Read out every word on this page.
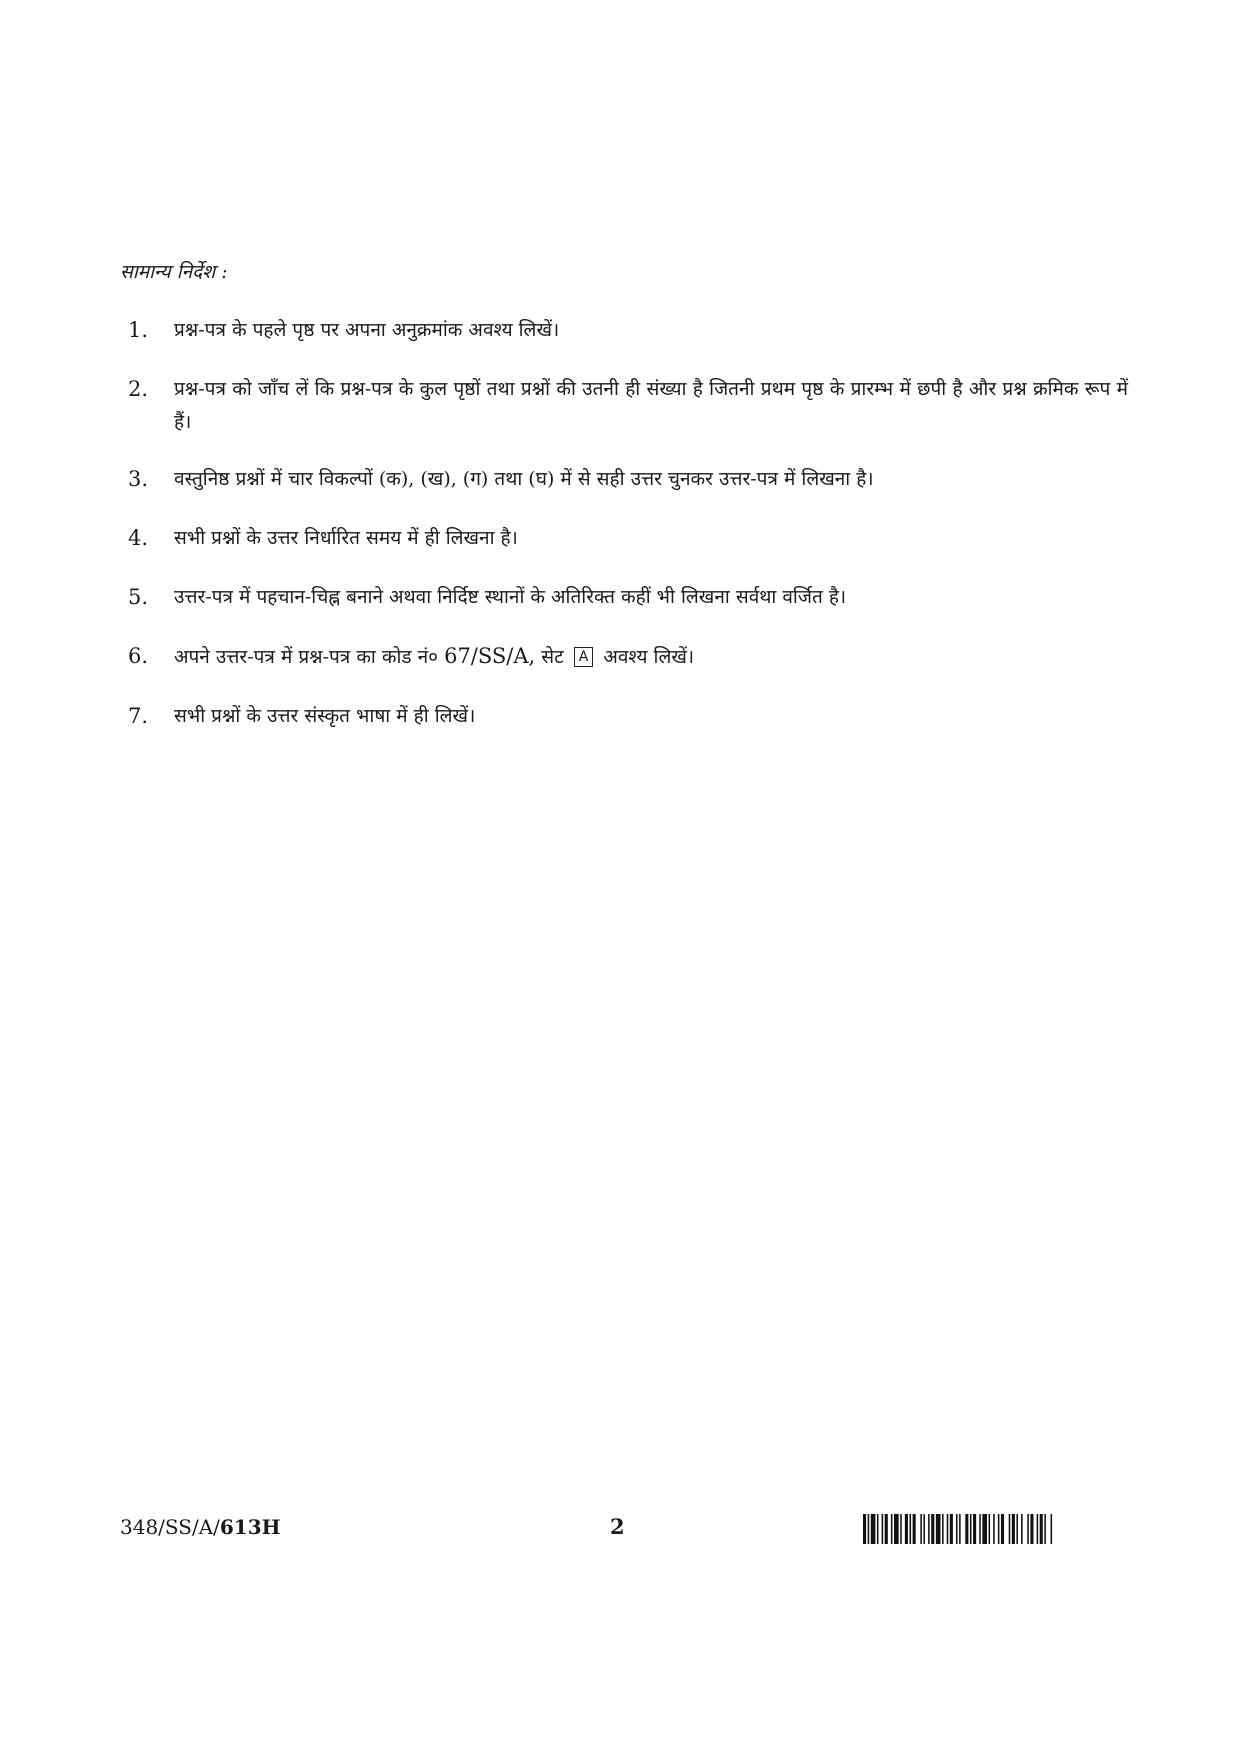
सामान्य निर्देश :
1.	प्रश्न-पत्र के पहले पृष्ठ पर अपना अनुक्रमांक अवश्य लिखें।
2.	प्रश्न-पत्र को जाँच लें कि प्रश्न-पत्र के कुल पृष्ठों तथा प्रश्नों की उतनी ही संख्या है जितनी प्रथम पृष्ठ के प्रारम्भ में छपी है और प्रश्न क्रमिक रूप में हैं।
3.	वस्तुनिष्ठ प्रश्नों में चार विकल्पों (क), (ख), (ग) तथा (घ) में से सही उत्तर चुनकर उत्तर-पत्र में लिखना है।
4.	सभी प्रश्नों के उत्तर निर्धारित समय में ही लिखना है।
5.	उत्तर-पत्र में पहचान-चिह्न बनाने अथवा निर्दिष्ट स्थानों के अतिरिक्त कहीं भी लिखना सर्वथा वर्जित है।
6.	अपने उत्तर-पत्र में प्रश्न-पत्र का कोड नं० 67/SS/A, सेट A अवश्य लिखें।
7.	सभी प्रश्नों के उत्तर संस्कृत भाषा में ही लिखें।
348/SS/A/613H	2
